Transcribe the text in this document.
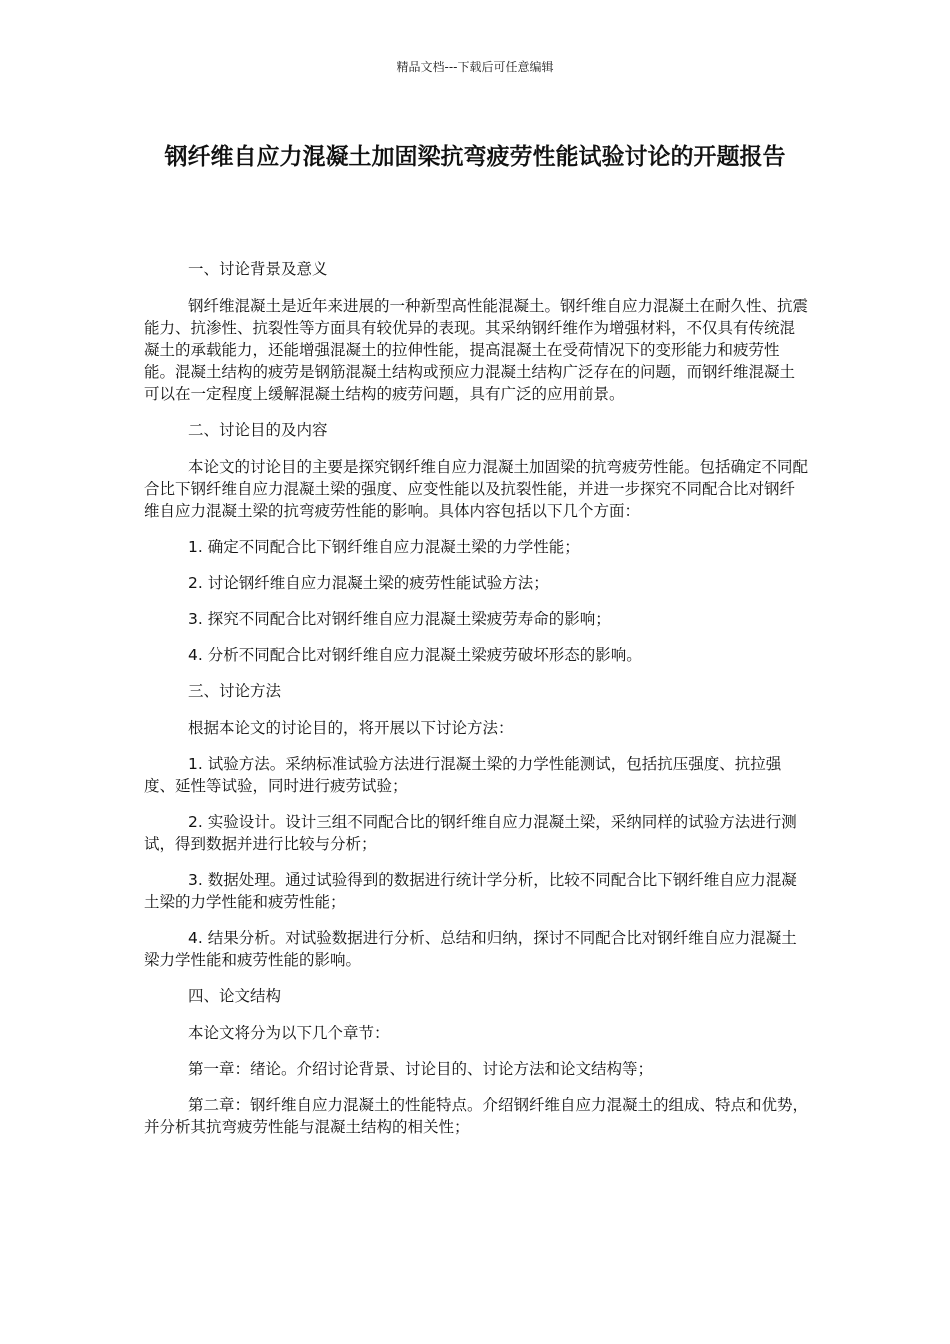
精品文档---下载后可任意编辑
钢纤维自应力混凝土加固梁抗弯疲劳性能试验讨论的开题报告

一、讨论背景及意义

钢纤维混凝土是近年来进展的一种新型高性能混凝土。钢纤维自应力混凝土在耐久性、抗震能力、抗渗性、抗裂性等方面具有较优异的表现。其采纳钢纤维作为增强材料，不仅具有传统混凝土的承载能力，还能增强混凝土的拉伸性能，提高混凝土在受荷情况下的变形能力和疲劳性能。混凝土结构的疲劳是钢筋混凝土结构或预应力混凝土结构广泛存在的问题，而钢纤维混凝土可以在一定程度上缓解混凝土结构的疲劳问题，具有广泛的应用前景。

二、讨论目的及内容

本论文的讨论目的主要是探究钢纤维自应力混凝土加固梁的抗弯疲劳性能。包括确定不同配合比下钢纤维自应力混凝土梁的强度、应变性能以及抗裂性能，并进一步探究不同配合比对钢纤维自应力混凝土梁的抗弯疲劳性能的影响。具体内容包括以下几个方面：

1. 确定不同配合比下钢纤维自应力混凝土梁的力学性能；

2. 讨论钢纤维自应力混凝土梁的疲劳性能试验方法；

3. 探究不同配合比对钢纤维自应力混凝土梁疲劳寿命的影响；

4. 分析不同配合比对钢纤维自应力混凝土梁疲劳破坏形态的影响。

三、讨论方法

根据本论文的讨论目的，将开展以下讨论方法：

1. 试验方法。采纳标准试验方法进行混凝土梁的力学性能测试，包括抗压强度、抗拉强度、延性等试验，同时进行疲劳试验；

2. 实验设计。设计三组不同配合比的钢纤维自应力混凝土梁，采纳同样的试验方法进行测试，得到数据并进行比较与分析；

3. 数据处理。通过试验得到的数据进行统计学分析，比较不同配合比下钢纤维自应力混凝土梁的力学性能和疲劳性能；

4. 结果分析。对试验数据进行分析、总结和归纳，探讨不同配合比对钢纤维自应力混凝土梁力学性能和疲劳性能的影响。

四、论文结构

本论文将分为以下几个章节：

第一章：绪论。介绍讨论背景、讨论目的、讨论方法和论文结构等；

第二章：钢纤维自应力混凝土的性能特点。介绍钢纤维自应力混凝土的组成、特点和优势，并分析其抗弯疲劳性能与混凝土结构的相关性；
